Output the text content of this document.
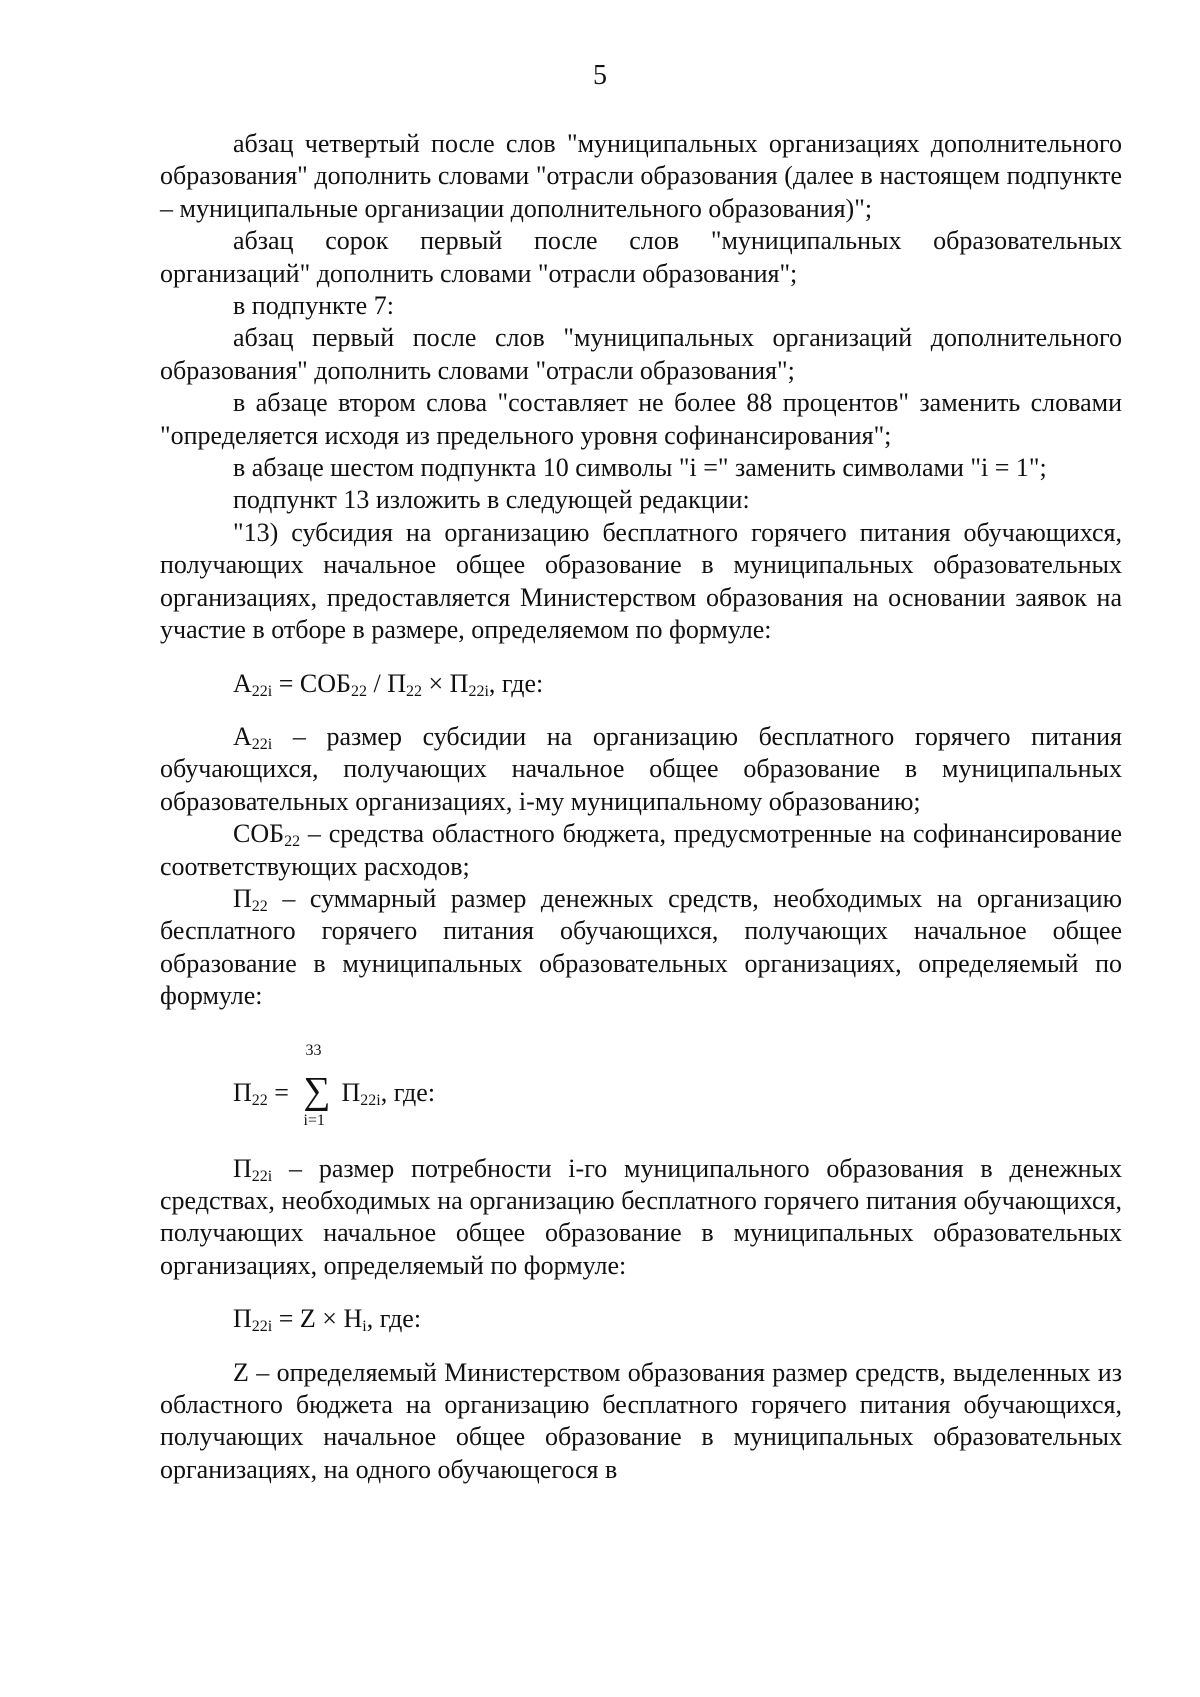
5

абзац четвертый после слов "муниципальных организациях дополнительного образования" дополнить словами "отрасли образования (далее в настоящем подпункте – муниципальные организации дополнительного образования)";

абзац сорок первый после слов "муниципальных образовательных организаций" дополнить словами "отрасли образования";

в подпункте 7:

абзац первый после слов "муниципальных организаций дополнительного образования" дополнить словами "отрасли образования";

в абзаце втором слова "составляет не более 88 процентов" заменить словами "определяется исходя из предельного уровня софинансирования";

в абзаце шестом подпункта 10 символы "i =" заменить символами "i = 1";

подпункт 13 изложить в следующей редакции:

"13) субсидия на организацию бесплатного горячего питания обучающихся, получающих начальное общее образование в муниципальных образовательных организациях, предоставляется Министерством образования на основании заявок на участие в отборе в размере, определяемом по формуле:

$А_{22i} = СОБ_{22} / П_{22} \times П_{22i}$, где:

$А_{22i}$ – размер субсидии на организацию бесплатного горячего питания обучающихся, получающих начальное общее образование в муниципальных образовательных организациях, i-му муниципальному образованию;

$СОБ_{22}$ – средства областного бюджета, предусмотренные на софинансирование соответствующих расходов;

$П_{22}$ – суммарный размер денежных средств, необходимых на организацию бесплатного горячего питания обучающихся, получающих начальное общее образование в муниципальных образовательных организациях, определяемый по формуле:

$П_{22}$ =
33
∑
i=1
$П_{22i}$, где:

$П_{22i}$ – размер потребности i-го муниципального образования в денежных средствах, необходимых на организацию бесплатного горячего питания обучающихся, получающих начальное общее образование в муниципальных образовательных организациях, определяемый по формуле:

$П_{22i} = Z \times Н_i$, где:

Z – определяемый Министерством образования размер средств, выделенных из областного бюджета на организацию бесплатного горячего питания обучающихся, получающих начальное общее образование в муниципальных образовательных организациях, на одного обучающегося в
